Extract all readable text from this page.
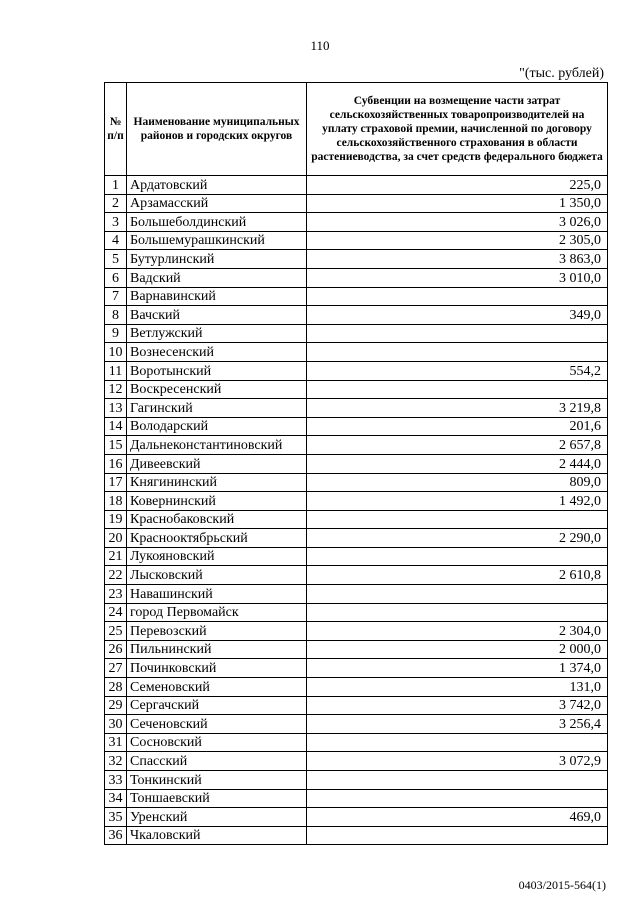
110
"(тыс. рублей)
№ п/п	Наименование муниципальных районов и городских округов	Субвенции на возмещение части затрат сельскохозяйственных товаропроизводителей на уплату страховой премии, начисленной по договору сельскохозяйственного страхования в области растениеводства, за счет средств федерального бюджета
1	Ардатовский	225,0
2	Арзамасский	1 350,0
3	Большеболдинский	3 026,0
4	Большемурашкинский	2 305,0
5	Бутурлинский	3 863,0
6	Вадский	3 010,0
7	Варнавинский	
8	Вачский	349,0
9	Ветлужский	
10	Вознесенский	
11	Воротынский	554,2
12	Воскресенский	
13	Гагинский	3 219,8
14	Володарский	201,6
15	Дальнеконстантиновский	2 657,8
16	Дивеевский	2 444,0
17	Княгининский	809,0
18	Ковернинский	1 492,0
19	Краснобаковский	
20	Краснооктябрьский	2 290,0
21	Лукояновский	
22	Лысковский	2 610,8
23	Навашинский	
24	город Первомайск	
25	Перевозский	2 304,0
26	Пильнинский	2 000,0
27	Починковский	1 374,0
28	Семеновский	131,0
29	Сергачский	3 742,0
30	Сеченовский	3 256,4
31	Сосновский	
32	Спасский	3 072,9
33	Тонкинский	
34	Тоншаевский	
35	Уренский	469,0
36	Чкаловский	
0403/2015-564(1)
